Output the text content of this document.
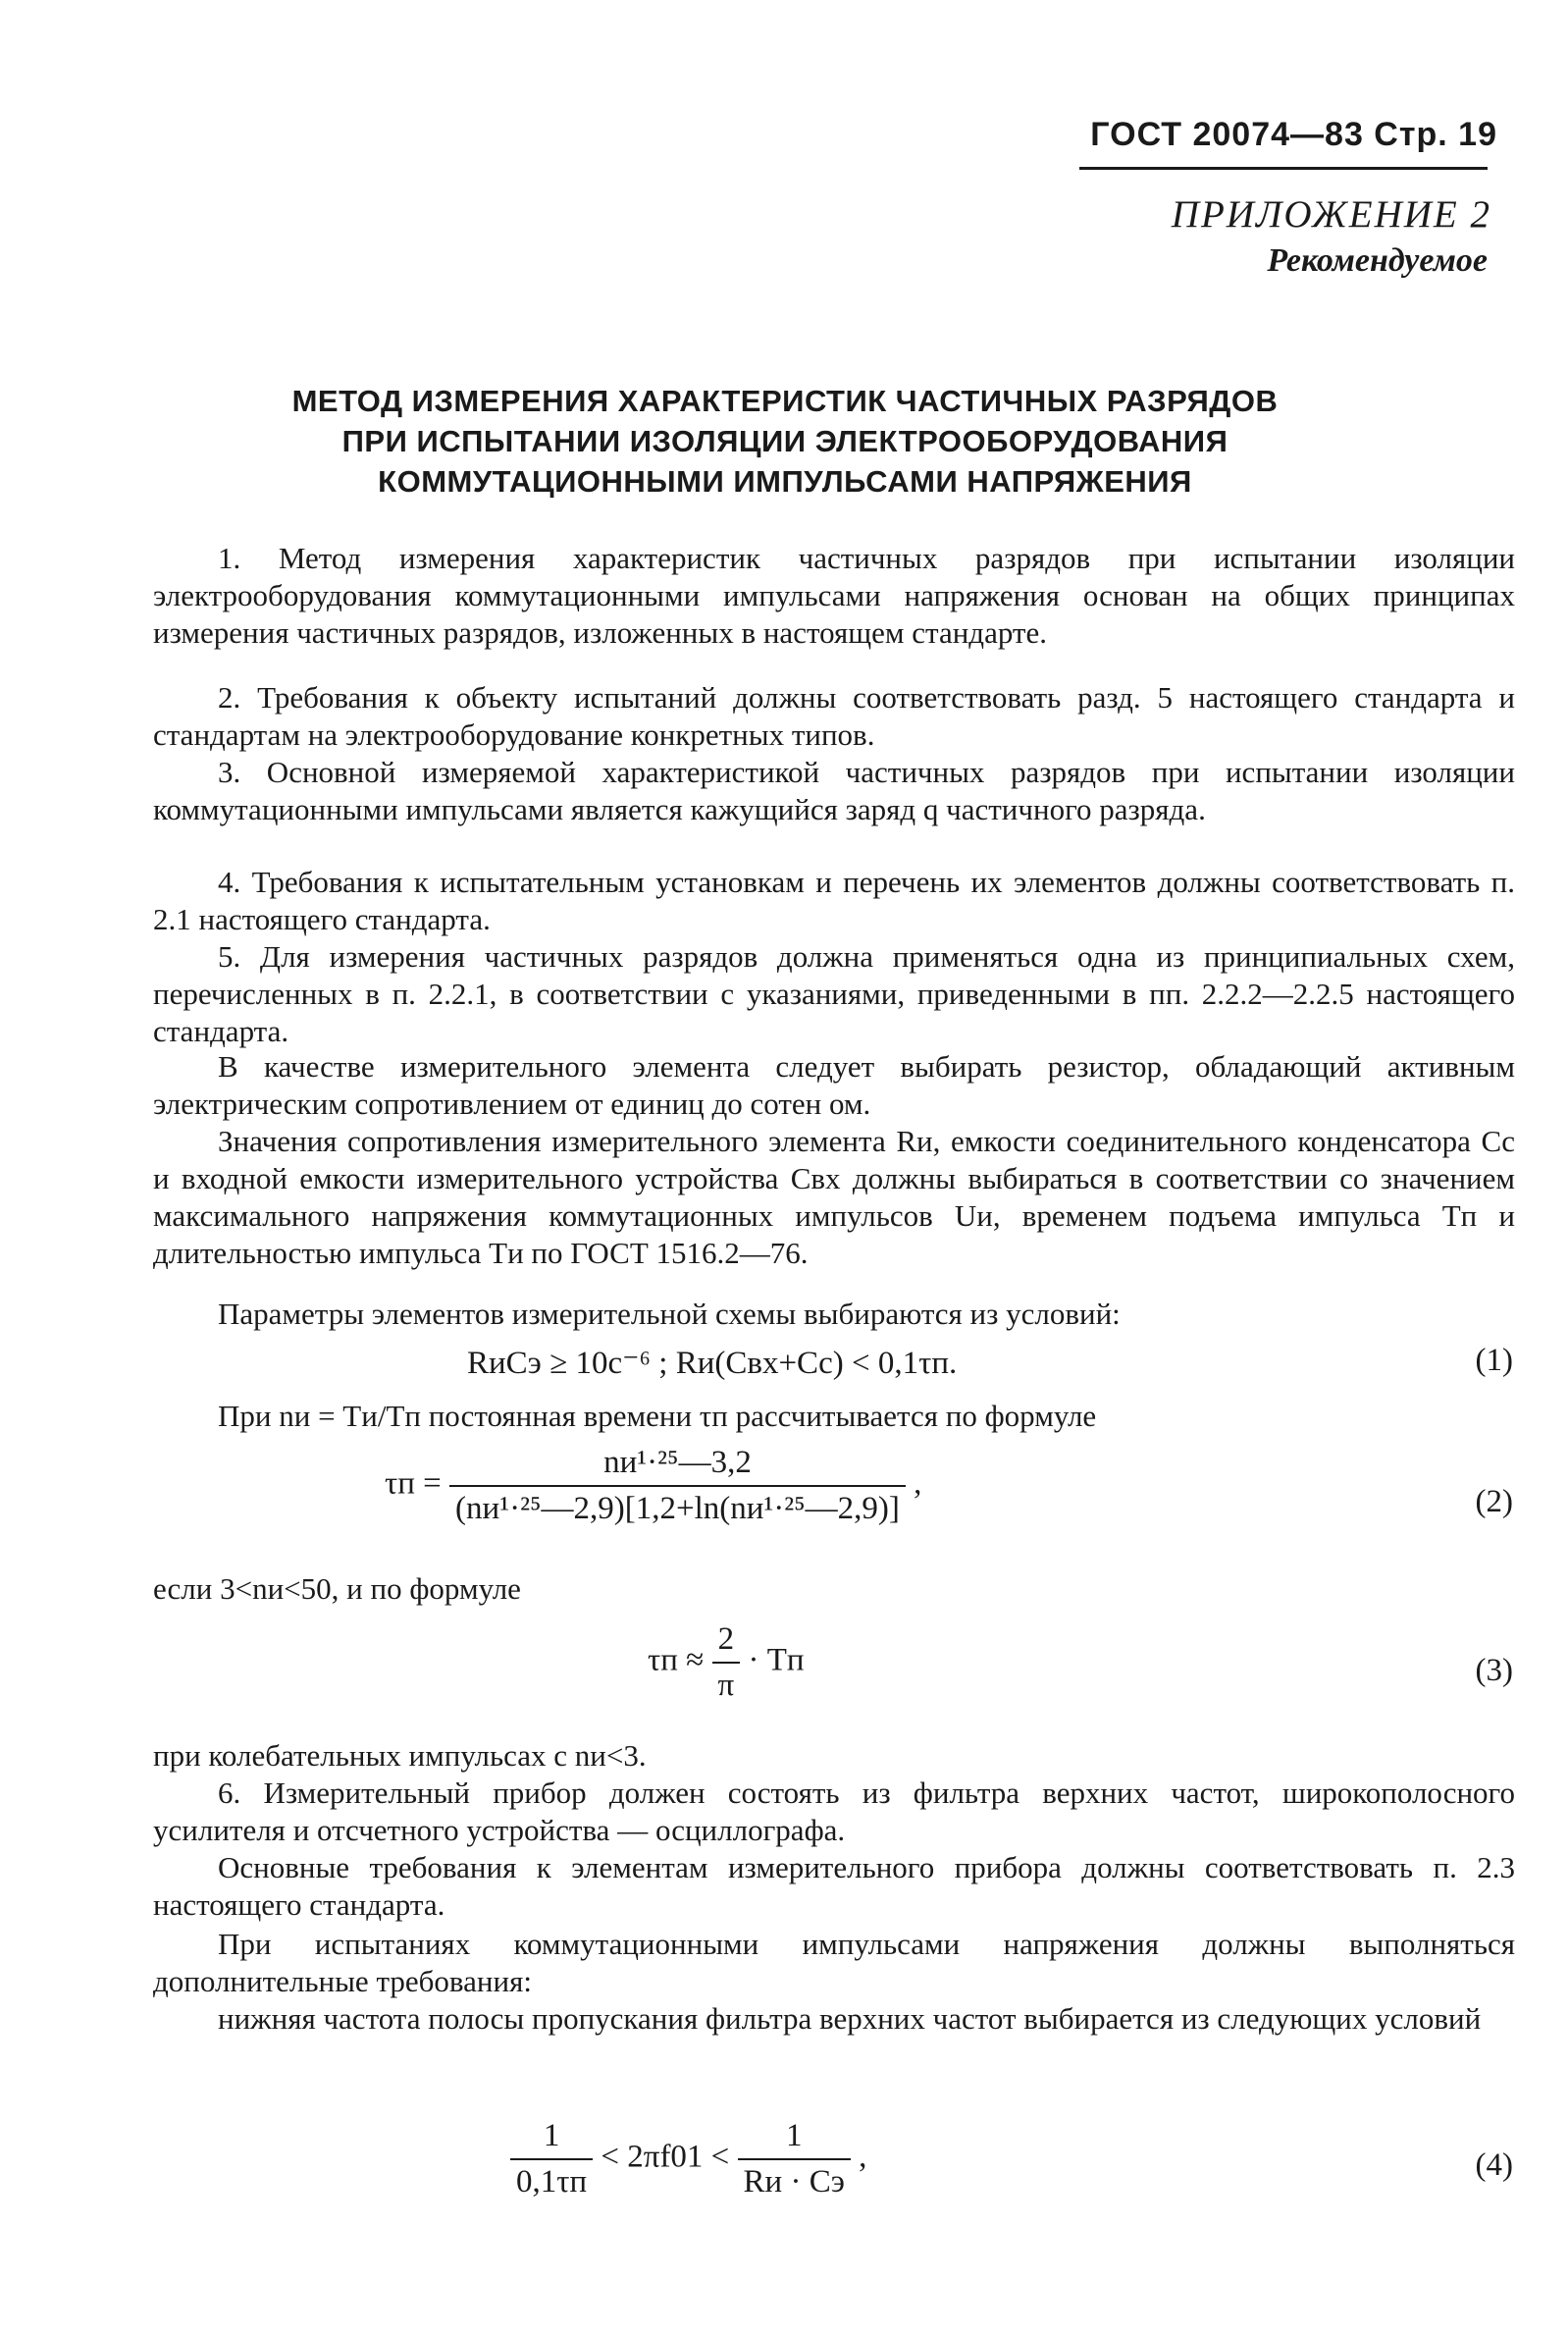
ГОСТ 20074—83 Стр. 19
ПРИЛОЖЕНИЕ 2
Рекомендуемое
МЕТОД ИЗМЕРЕНИЯ ХАРАКТЕРИСТИК ЧАСТИЧНЫХ РАЗРЯДОВ
ПРИ ИСПЫТАНИИ ИЗОЛЯЦИИ ЭЛЕКТРООБОРУДОВАНИЯ
КОММУТАЦИОННЫМИ ИМПУЛЬСАМИ НАПРЯЖЕНИЯ

1. Метод измерения характеристик частичных разрядов при испытании изоляции электрооборудования коммутационными импульсами напряжения основан на общих принципах измерения частичных разрядов, изложенных в настоящем стандарте.

2. Требования к объекту испытаний должны соответствовать разд. 5 настоящего стандарта и стандартам на электрооборудование конкретных типов.

3. Основной измеряемой характеристикой частичных разрядов при испытании изоляции коммутационными импульсами является кажущийся заряд q частичного разряда.

4. Требования к испытательным установкам и перечень их элементов должны соответствовать п. 2.1 настоящего стандарта.

5. Для измерения частичных разрядов должна применяться одна из принципиальных схем, перечисленных в п. 2.2.1, в соответствии с указаниями, приведенными в пп. 2.2.2—2.2.5 настоящего стандарта.

В качестве измерительного элемента следует выбирать резистор, обладающий активным электрическим сопротивлением от единиц до сотен ом.

Значения сопротивления измерительного элемента Rи, емкости соединительного конденсатора Cс и входной емкости измерительного устройства Cвх должны выбираться в соответствии со значением максимального напряжения коммутационных импульсов Uи, временем подъема импульса Tп и длительностью импульса Tи по ГОСТ 1516.2—76.

Параметры элементов измерительной схемы выбираются из условий:

RиCэ ≥ 10с⁻⁶ ; Rи(Cвх+Cс) < 0,1τп.	(1)

При nи = Tи/Tп постоянная времени τп рассчитывается по формуле

$\tau п = \frac{\text{nи¹·²⁵—3,2}}{\text{(nи¹·²⁵—2,9)[1,2+ln(nи¹·²⁵—2,9)]}}$ ,
(2)

если 3<nи<50, и по формуле

$\tau п \approx \frac{2}{\pi}$ · Tп	(3)

при колебательных импульсах с nи<3.

6. Измерительный прибор должен состоять из фильтра верхних частот, широкополосного усилителя и отсчетного устройства — осциллографа.

Основные требования к элементам измерительного прибора должны соответствовать п. 2.3 настоящего стандарта.

При испытаниях коммутационными импульсами напряжения должны выполняться дополнительные требования:

нижняя частота полосы пропускания фильтра верхних частот выбирается из следующих условий

$\frac{1}{0,1\tau п} < 2\pi f01 < \frac{1}{Rи \cdot Cэ}$ ,	(4)
